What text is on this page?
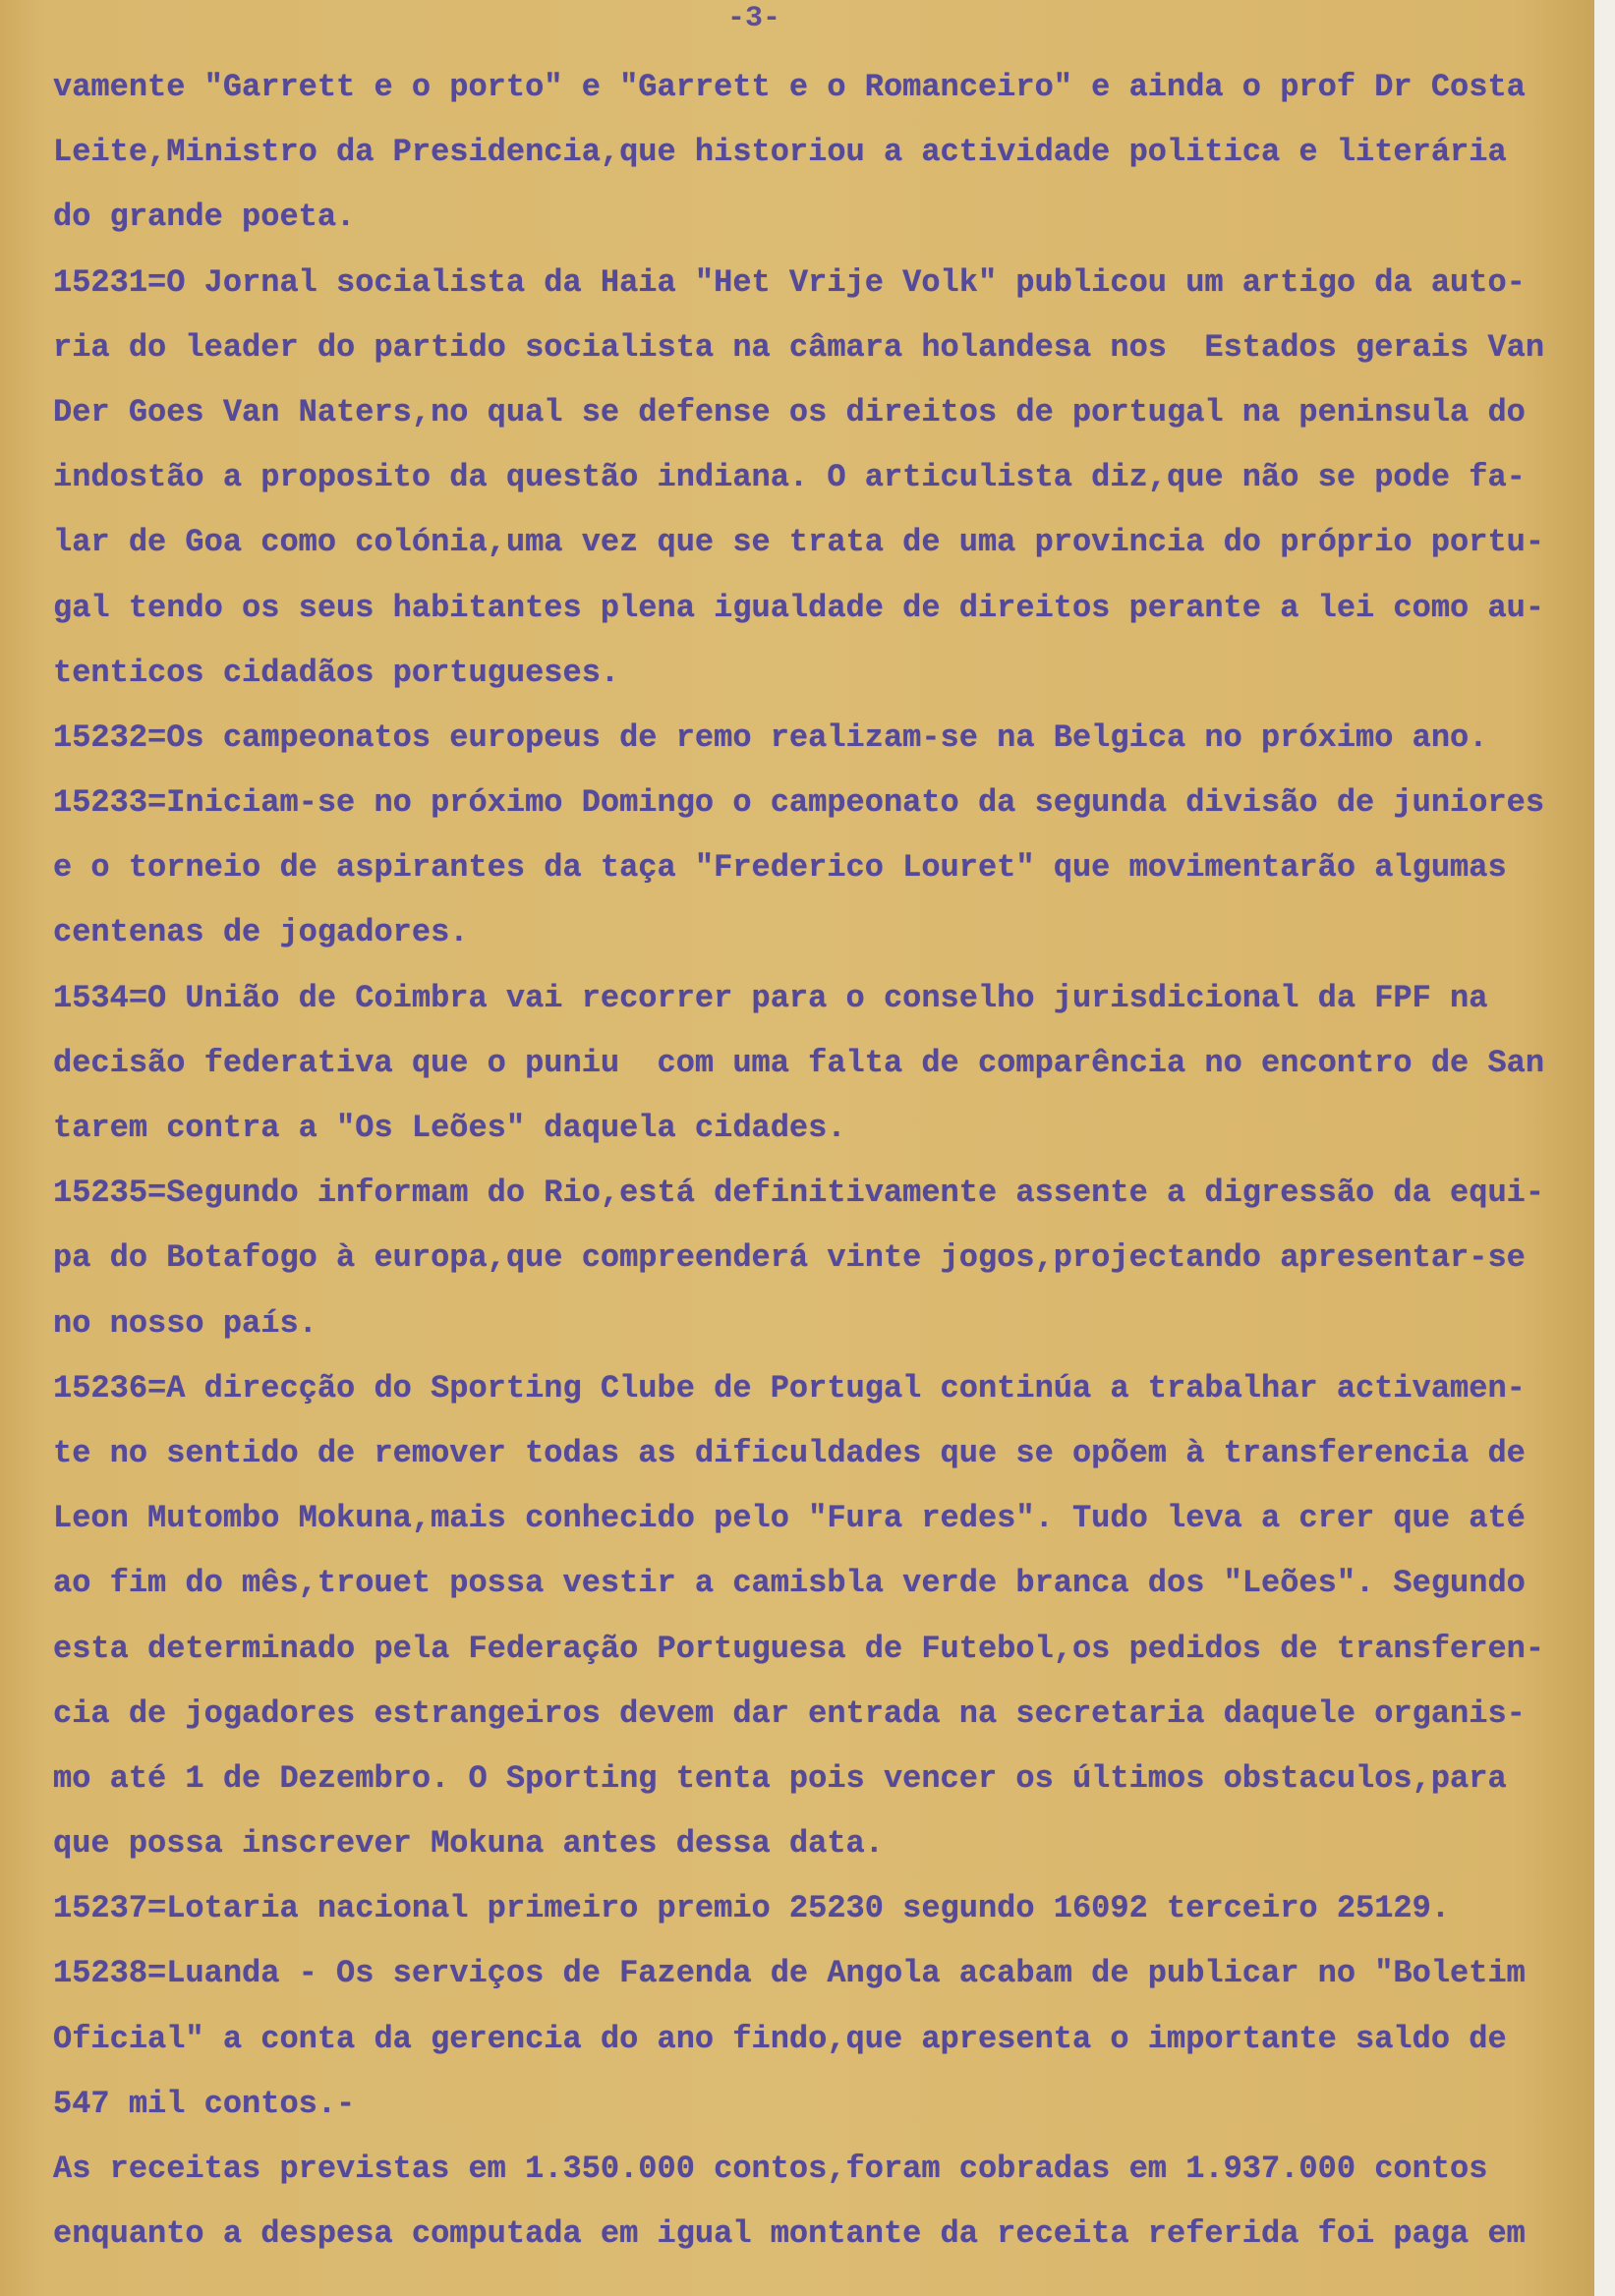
-3-
vamente "Garrett e o porto" e "Garrett e o Romanceiro" e ainda o prof Dr Costa
Leite,Ministro da Presidencia,que historiou a actividade politica e literária
do grande poeta.
15231=O Jornal socialista da Haia "Het Vrije Volk" publicou um artigo da auto-
ria do leader do partido socialista na câmara holandesa nos  Estados gerais Van
Der Goes Van Naters,no qual se defense os direitos de portugal na peninsula do
indostão a proposito da questão indiana. O articulista diz,que não se pode fa-
lar de Goa como colónia,uma vez que se trata de uma provincia do próprio portu-
gal tendo os seus habitantes plena igualdade de direitos perante a lei como au-
tenticos cidadãos portugueses.
15232=Os campeonatos europeus de remo realizam-se na Belgica no próximo ano.
15233=Iniciam-se no próximo Domingo o campeonato da segunda divisão de juniores
e o torneio de aspirantes da taça "Frederico Louret" que movimentarão algumas
centenas de jogadores.
1534=O União de Coimbra vai recorrer para o conselho jurisdicional da FPF na
decisão federativa que o puniu  com uma falta de comparência no encontro de San
tarem contra a "Os Leões" daquela cidades.
15235=Segundo informam do Rio,está definitivamente assente a digressão da equi-
pa do Botafogo à europa,que compreenderá vinte jogos,projectando apresentar-se
no nosso país.
15236=A direcção do Sporting Clube de Portugal continúa a trabalhar activamen-
te no sentido de remover todas as dificuldades que se opõem à transferencia de
Leon Mutombo Mokuna,mais conhecido pelo "Fura redes". Tudo leva a crer que até
ao fim do mês,trouet possa vestir a camisbla verde branca dos "Leões". Segundo
esta determinado pela Federação Portuguesa de Futebol,os pedidos de transferen-
cia de jogadores estrangeiros devem dar entrada na secretaria daquele organis-
mo até 1 de Dezembro. O Sporting tenta pois vencer os últimos obstaculos,para
que possa inscrever Mokuna antes dessa data.
15237=Lotaria nacional primeiro premio 25230 segundo 16092 terceiro 25129.
15238=Luanda - Os serviços de Fazenda de Angola acabam de publicar no "Boletim
Oficial" a conta da gerencia do ano findo,que apresenta o importante saldo de
547 mil contos.-
As receitas previstas em 1.350.000 contos,foram cobradas em 1.937.000 contos
enquanto a despesa computada em igual montante da receita referida foi paga em
